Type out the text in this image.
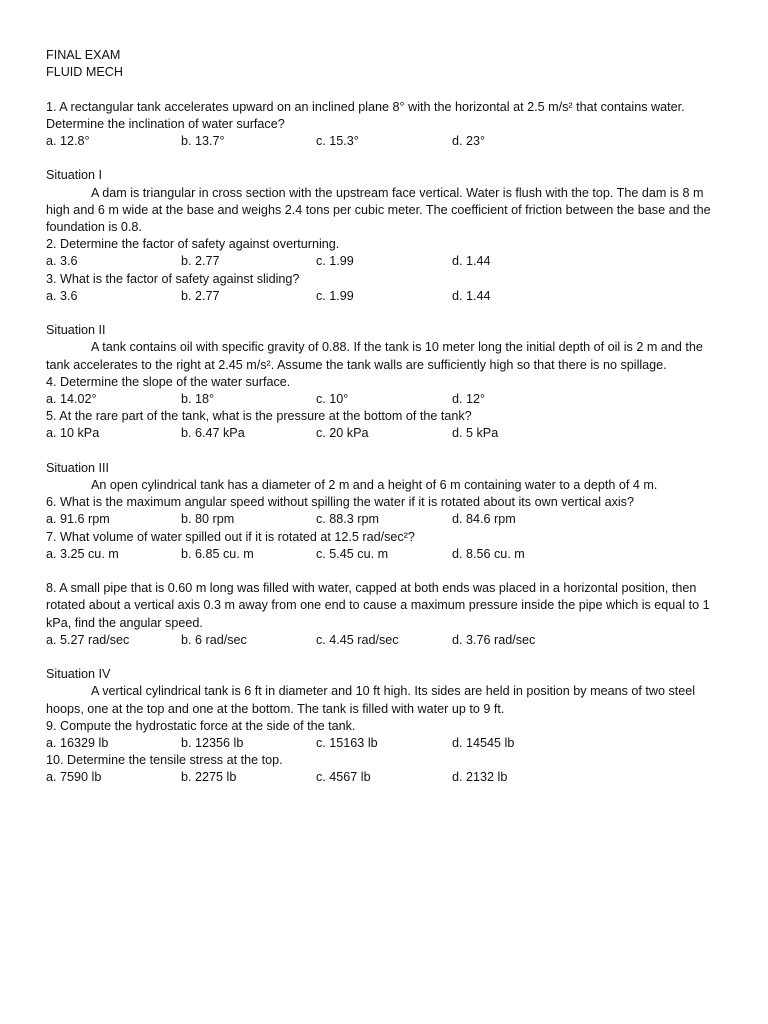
FINAL EXAM
FLUID MECH
1. A rectangular tank accelerates upward on an inclined plane 8° with the horizontal at 2.5 m/s² that contains water. Determine the inclination of water surface?
a. 12.8°	b. 13.7°	c. 15.3°	d. 23°
Situation I
A dam is triangular in cross section with the upstream face vertical. Water is flush with the top. The dam is 8 m high and 6 m wide at the base and weighs 2.4 tons per cubic meter. The coefficient of friction between the base and the foundation is 0.8.
2. Determine the factor of safety against overturning.
a. 3.6	b. 2.77	c. 1.99	d. 1.44
3. What is the factor of safety against sliding?
a. 3.6	b. 2.77	c. 1.99	d. 1.44
Situation II
A tank contains oil with specific gravity of 0.88. If the tank is 10 meter long the initial depth of oil is 2 m and the tank accelerates to the right at 2.45 m/s². Assume the tank walls are sufficiently high so that there is no spillage.
4. Determine the slope of the water surface.
a. 14.02°	b. 18°	c. 10°	d. 12°
5. At the rare part of the tank, what is the pressure at the bottom of the tank?
a. 10 kPa	b. 6.47 kPa	c. 20 kPa	d. 5 kPa
Situation III
An open cylindrical tank has a diameter of 2 m and a height of 6 m containing water to a depth of 4 m.
6. What is the maximum angular speed without spilling the water if it is rotated about its own vertical axis?
a. 91.6 rpm	b. 80 rpm	c. 88.3 rpm	d. 84.6 rpm
7. What volume of water spilled out if it is rotated at 12.5 rad/sec²?
a. 3.25 cu. m	b. 6.85 cu. m	c. 5.45 cu. m	d. 8.56 cu. m
8. A small pipe that is 0.60 m long was filled with water, capped at both ends was placed in a horizontal position, then rotated about a vertical axis 0.3 m away from one end to cause a maximum pressure inside the pipe which is equal to 1 kPa, find the angular speed.
a. 5.27 rad/sec	b. 6 rad/sec	c. 4.45 rad/sec	d. 3.76 rad/sec
Situation IV
A vertical cylindrical tank is 6 ft in diameter and 10 ft high. Its sides are held in position by means of two steel hoops, one at the top and one at the bottom. The tank is filled with water up to 9 ft.
9. Compute the hydrostatic force at the side of the tank.
a. 16329 lb	b. 12356 lb	c. 15163 lb	d. 14545 lb
10. Determine the tensile stress at the top.
a. 7590 lb	b. 2275 lb	c. 4567 lb	d. 2132 lb
